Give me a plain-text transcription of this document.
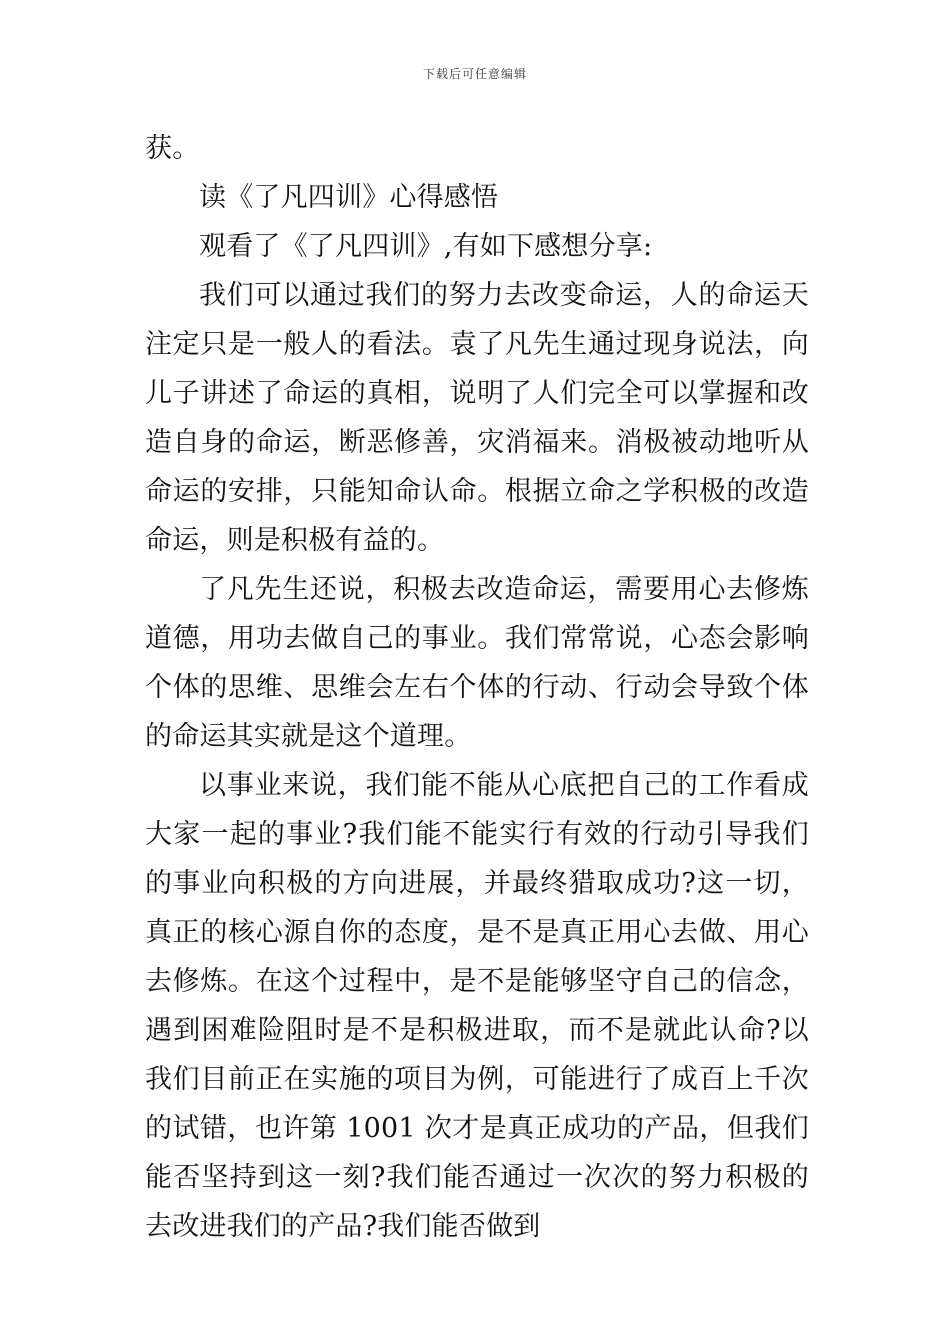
下载后可任意编辑

获。

读《了凡四训》心得感悟

观看了《了凡四训》,有如下感想分享:

我们可以通过我们的努力去改变命运，人的命运天注定只是一般人的看法。袁了凡先生通过现身说法，向儿子讲述了命运的真相，说明了人们完全可以掌握和改造自身的命运，断恶修善，灾消福来。消极被动地听从命运的安排，只能知命认命。根据立命之学积极的改造命运，则是积极有益的。

了凡先生还说，积极去改造命运，需要用心去修炼道德，用功去做自己的事业。我们常常说，心态会影响个体的思维、思维会左右个体的行动、行动会导致个体的命运其实就是这个道理。

以事业来说，我们能不能从心底把自己的工作看成大家一起的事业?我们能不能实行有效的行动引导我们的事业向积极的方向进展，并最终猎取成功?这一切，真正的核心源自你的态度，是不是真正用心去做、用心去修炼。在这个过程中，是不是能够坚守自己的信念，遇到困难险阻时是不是积极进取，而不是就此认命?以我们目前正在实施的项目为例，可能进行了成百上千次的试错，也许第 1001 次才是真正成功的产品，但我们能否坚持到这一刻?我们能否通过一次次的努力积极的去改进我们的产品?我们能否做到
